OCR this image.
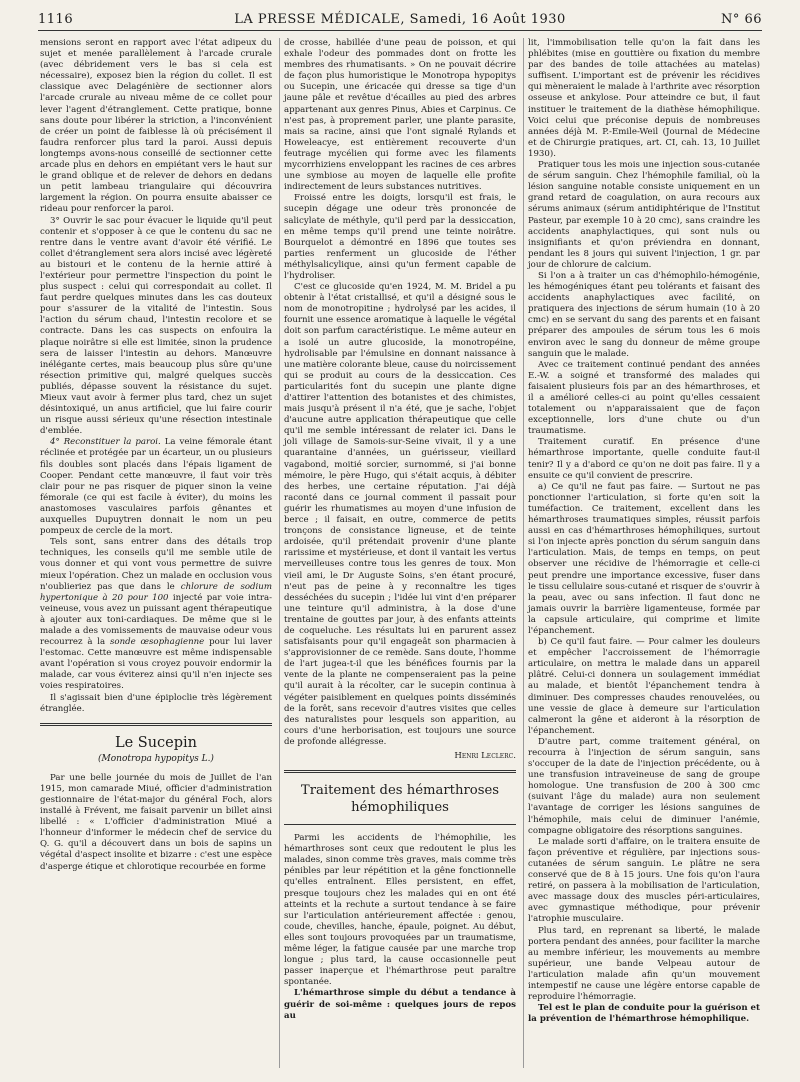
1116	LA PRESSE MÉDICALE, Samedi, 16 Août 1930	N° 66

mensions seront en rapport avec l'état adipeux du sujet et menée parallèlement à l'arcade crurale (avec débridement vers le bas si cela est nécessaire), exposez bien la région du collet. Il est classique avec Delagénière de sectionner alors l'arcade crurale au niveau même de ce collet pour lever l'agent d'étranglement. Cette pratique, bonne sans doute pour libérer la striction, a l'inconvénient de créer un point de faiblesse là où précisément il faudra renforcer plus tard la paroi. Aussi depuis longtemps avons-nous conseillé de sectionner cette arcade plus en dehors en empiétant vers le haut sur le grand oblique et de relever de dehors en dedans un petit lambeau triangulaire qui découvrira largement la région. On pourra ensuite abaisser ce rideau pour renforcer la paroi.

3° Ouvrir le sac pour évacuer le liquide qu'il peut contenir et s'opposer à ce que le contenu du sac ne rentre dans le ventre avant d'avoir été vérifié. Le collet d'étranglement sera alors incisé avec légèreté au bistouri et le contenu de la hernie attiré à l'extérieur pour permettre l'inspection du point le plus suspect : celui qui correspondait au collet. Il faut perdre quelques minutes dans les cas douteux pour s'assurer de la vitalité de l'intestin. Sous l'action du sérum chaud, l'intestin recolore et se contracte. Dans les cas suspects on enfouira la plaque noirâtre si elle est limitée, sinon la prudence sera de laisser l'intestin au dehors. Manœuvre inélégante certes, mais beaucoup plus sûre qu'une résection primitive qui, malgré quelques succès publiés, dépasse souvent la résistance du sujet. Mieux vaut avoir à fermer plus tard, chez un sujet désintoxiqué, un anus artificiel, que lui faire courir un risque aussi sérieux qu'une résection intestinale d'emblée.

4° Reconstituer la paroi. La veine fémorale étant réclinée et protégée par un écarteur, un ou plusieurs fils doubles sont placés dans l'épais ligament de Cooper. Pendant cette manœuvre, il faut voir très clair pour ne pas risquer de piquer sinon la veine fémorale (ce qui est facile à éviter), du moins les anastomoses vasculaires parfois gênantes et auxquelles Dupuytren donnait le nom un peu pompeux de cercle de la mort.

Tels sont, sans entrer dans des détails trop techniques, les conseils qu'il me semble utile de vous donner et qui vont vous permettre de suivre mieux l'opération. Chez un malade en occlusion vous n'oublieriez pas que dans le chlorure de sodium hypertonique à 20 pour 100 injecté par voie intra-veineuse, vous avez un puissant agent thérapeutique à ajouter aux toni-cardiaques. De même que si le malade a des vomissements de mauvaise odeur vous recourrez à la sonde œsophagienne pour lui laver l'estomac. Cette manœuvre est même indispensable avant l'opération si vous croyez pouvoir endormir la malade, car vous éviterez ainsi qu'il n'en injecte ses voies respiratoires.

Il s'agissait bien d'une épiploclie très légèrement étranglée.

Le Sucepin
(Monotropa hypopitys L.)

Par une belle journée du mois de Juillet de l'an 1915, mon camarade Miué, officier d'administration gestionnaire de l'état-major du général Foch, alors installé à Frévent, me faisait parvenir un billet ainsi libellé : « L'officier d'administration Miué a l'honneur d'informer le médecin chef de service du Q. G. qu'il a découvert dans un bois de sapins un végétal d'aspect insolite et bizarre : c'est une espèce d'asperge étique et chlorotique recourbée en forme

de crosse, habillée d'une peau de poisson, et qui exhale l'odeur des pommades dont on frotte les membres des rhumatisants. » On ne pouvait décrire de façon plus humoristique le Monotropa hypopitys ou Sucepin, une éricacée qui dresse sa tige d'un jaune pâle et revêtue d'écailles au pied des arbres appartenant aux genres Pinus, Abies et Carpinus. Ce n'est pas, à proprement parler, une plante parasite, mais sa racine, ainsi que l'ont signalé Rylands et Howeleacye, est entièrement recouverte d'un feutrage mycélien qui forme avec les filaments mycorrhiziens enveloppant les racines de ces arbres une symbiose au moyen de laquelle elle profite indirectement de leurs substances nutritives.

Froissé entre les doigts, lorsqu'il est frais, le sucepin dégage une odeur très prononcée de salicylate de méthyle, qu'il perd par la dessiccation, en même temps qu'il prend une teinte noirâtre. Bourquelot a démontré en 1896 que toutes ses parties renferment un glucoside de l'éther méthylsalicylique, ainsi qu'un ferment capable de l'hydroliser.

C'est ce glucoside qu'en 1924, M. M. Bridel a pu obtenir à l'état cristallisé, et qu'il a désigné sous le nom de monotropitine ; hydrolysé par les acides, il fournit une essence aromatique à laquelle le végétal doit son parfum caractéristique. Le même auteur en a isolé un autre glucoside, la monotropéine, hydrolisable par l'émulsine en donnant naissance à une matière colorante bleue, cause du noircissement qui se produit au cours de la dessiccation. Ces particularités font du sucepin une plante digne d'attirer l'attention des botanistes et des chimistes, mais jusqu'à présent il n'a été, que je sache, l'objet d'aucune autre application thérapeutique que celle qu'il me semble intéressant de relater ici. Dans le joli village de Samois-sur-Seine vivait, il y a une quarantaine d'années, un guérisseur, vieillard vagabond, moitié sorcier, surnommé, si j'ai bonne mémoire, le père Hugo, qui s'était acquis, à débiter des herbes, une certaine réputation. J'ai déjà raconté dans ce journal comment il passait pour guérir les rhumatismes au moyen d'une infusion de berce ; il faisait, en outre, commerce de petits tronçons de consistance ligneuse, et de teinte ardoisée, qu'il prétendait provenir d'une plante rarissime et mystérieuse, et dont il vantait les vertus merveilleuses contre tous les genres de toux. Mon vieil ami, le Dr Auguste Soins, s'en étant procuré, n'eut pas de peine à y reconnaître les tiges desséchées du sucepin ; l'idée lui vint d'en préparer une teinture qu'il administra, à la dose d'une trentaine de gouttes par jour, à des enfants atteints de coqueluche. Les résultats lui en parurent assez satisfaisants pour qu'il engageât son pharmacien à s'approvisionner de ce remède. Sans doute, l'homme de l'art jugea-t-il que les bénéfices fournis par la vente de la plante ne compenseraient pas la peine qu'il aurait à la récolter, car le sucepin continua à végéter paisiblement en quelques points disséminés de la forêt, sans recevoir d'autres visites que celles des naturalistes pour lesquels son apparition, au cours d'une herborisation, est toujours une source de profonde allégresse.

Henri Leclerc.
Traitement des hémarthroses hémophiliques

Parmi les accidents de l'hémophilie, les hémarthroses sont ceux que redoutent le plus les malades, sinon comme très graves, mais comme très pénibles par leur répétition et la gêne fonctionnelle qu'elles entraînent. Elles persistent, en effet, presque toujours chez les malades qui en ont été atteints et la rechute a surtout tendance à se faire sur l'articulation antérieurement affectée : genou, coude, chevilles, hanche, épaule, poignet. Au début, elles sont toujours provoquées par un traumatisme, même léger, la fatigue causée par une marche trop longue ; plus tard, la cause occasionnelle peut passer inaperçue et l'hémarthrose peut paraître spontanée.

L'hémarthrose simple du début a tendance à guérir de soi-même : quelques jours de repos au

lit, l'immobilisation telle qu'on la fait dans les phlébites (mise en gouttière ou fixation du membre par des bandes de toile attachées au matelas) suffisent. L'important est de prévenir les récidives qui mèneraient le malade à l'arthrite avec résorption osseuse et ankylose. Pour atteindre ce but, il faut instituer le traitement de la diathèse hémophilique. Voici celui que préconise depuis de nombreuses années déjà M. P.-Emile-Weil (Journal de Médecine et de Chirurgie pratiques, art. CI, cah. 13, 10 Juillet 1930).

Pratiquer tous les mois une injection sous-cutanée de sérum sanguin. Chez l'hémophile familial, où la lésion sanguine notable consiste uniquement en un grand retard de coagulation, on aura recours aux sérums animaux (sérum antidiphtérique de l'Institut Pasteur, par exemple 10 à 20 cmc), sans craindre les accidents anaphylactiques, qui sont nuls ou insignifiants et qu'on préviendra en donnant, pendant les 8 jours qui suivent l'injection, 1 gr. par jour de chlorure de calcium.

Si l'on a à traiter un cas d'hémophilo-hémogénie, les hémogéniques étant peu tolérants et faisant des accidents anaphylactiques avec facilité, on pratiquera des injections de sérum humain (10 à 20 cmc) en se servant du sang des parents et en faisant préparer des ampoules de sérum tous les 6 mois environ avec le sang du donneur de même groupe sanguin que le malade.

Avec ce traitement continué pendant des années E.-W. a soigné et transformé des malades qui faisaient plusieurs fois par an des hémarthroses, et il a amélioré celles-ci au point qu'elles cessaient totalement ou n'apparaissaient que de façon exceptionnelle, lors d'une chute ou d'un traumatisme.

Traitement curatif. En présence d'une hémarthrose importante, quelle conduite faut-il tenir? Il y a d'abord ce qu'on ne doit pas faire. Il y a ensuite ce qu'il convient de prescrire.

a) Ce qu'il ne faut pas faire. — Surtout ne pas ponctionner l'articulation, si forte qu'en soit la tuméfaction. Ce traitement, excellent dans les hémarthroses traumatiques simples, réussit parfois aussi en cas d'hémarthroses hémophiliques, surtout si l'on injecte après ponction du sérum sanguin dans l'articulation. Mais, de temps en temps, on peut observer une récidive de l'hémorragie et celle-ci peut prendre une importance excessive, fuser dans le tissu cellulaire sous-cutané et risquer de s'ouvrir à la peau, avec ou sans infection. Il faut donc ne jamais ouvrir la barrière ligamenteuse, formée par la capsule articulaire, qui comprime et limite l'épanchement.

b) Ce qu'il faut faire. — Pour calmer les douleurs et empêcher l'accroissement de l'hémorragie articulaire, on mettra le malade dans un appareil plâtré. Celui-ci donnera un soulagement immédiat au malade, et bientôt l'épanchement tendra à diminuer. Des compresses chaudes renouvelées, ou une vessie de glace à demeure sur l'articulation calmeront la gêne et aideront à la résorption de l'épanchement.

D'autre part, comme traitement général, on recourra à l'injection de sérum sanguin, sans s'occuper de la date de l'injection précédente, ou à une transfusion intraveineuse de sang de groupe homologue. Une transfusion de 200 à 300 cmc (suivant l'âge du malade) aura non seulement l'avantage de corriger les lésions sanguines de l'hémophile, mais celui de diminuer l'anémie, compagne obligatoire des résorptions sanguines.

Le malade sorti d'affaire, on le traitera ensuite de façon préventive et régulière, par injections sous-cutanées de sérum sanguin. Le plâtre ne sera conservé que de 8 à 15 jours. Une fois qu'on l'aura retiré, on passera à la mobilisation de l'articulation, avec massage doux des muscles péri-articulaires, avec gymnastique méthodique, pour prévenir l'atrophie musculaire.

Plus tard, en reprenant sa liberté, le malade portera pendant des années, pour faciliter la marche au membre inférieur, les mouvements au membre supérieur, une bande Velpeau autour de l'articulation malade afin qu'un mouvement intempestif ne cause une légère entorse capable de reproduire l'hémorragie.

Tel est le plan de conduite pour la guérison et la prévention de l'hémarthrose hémophilique.
